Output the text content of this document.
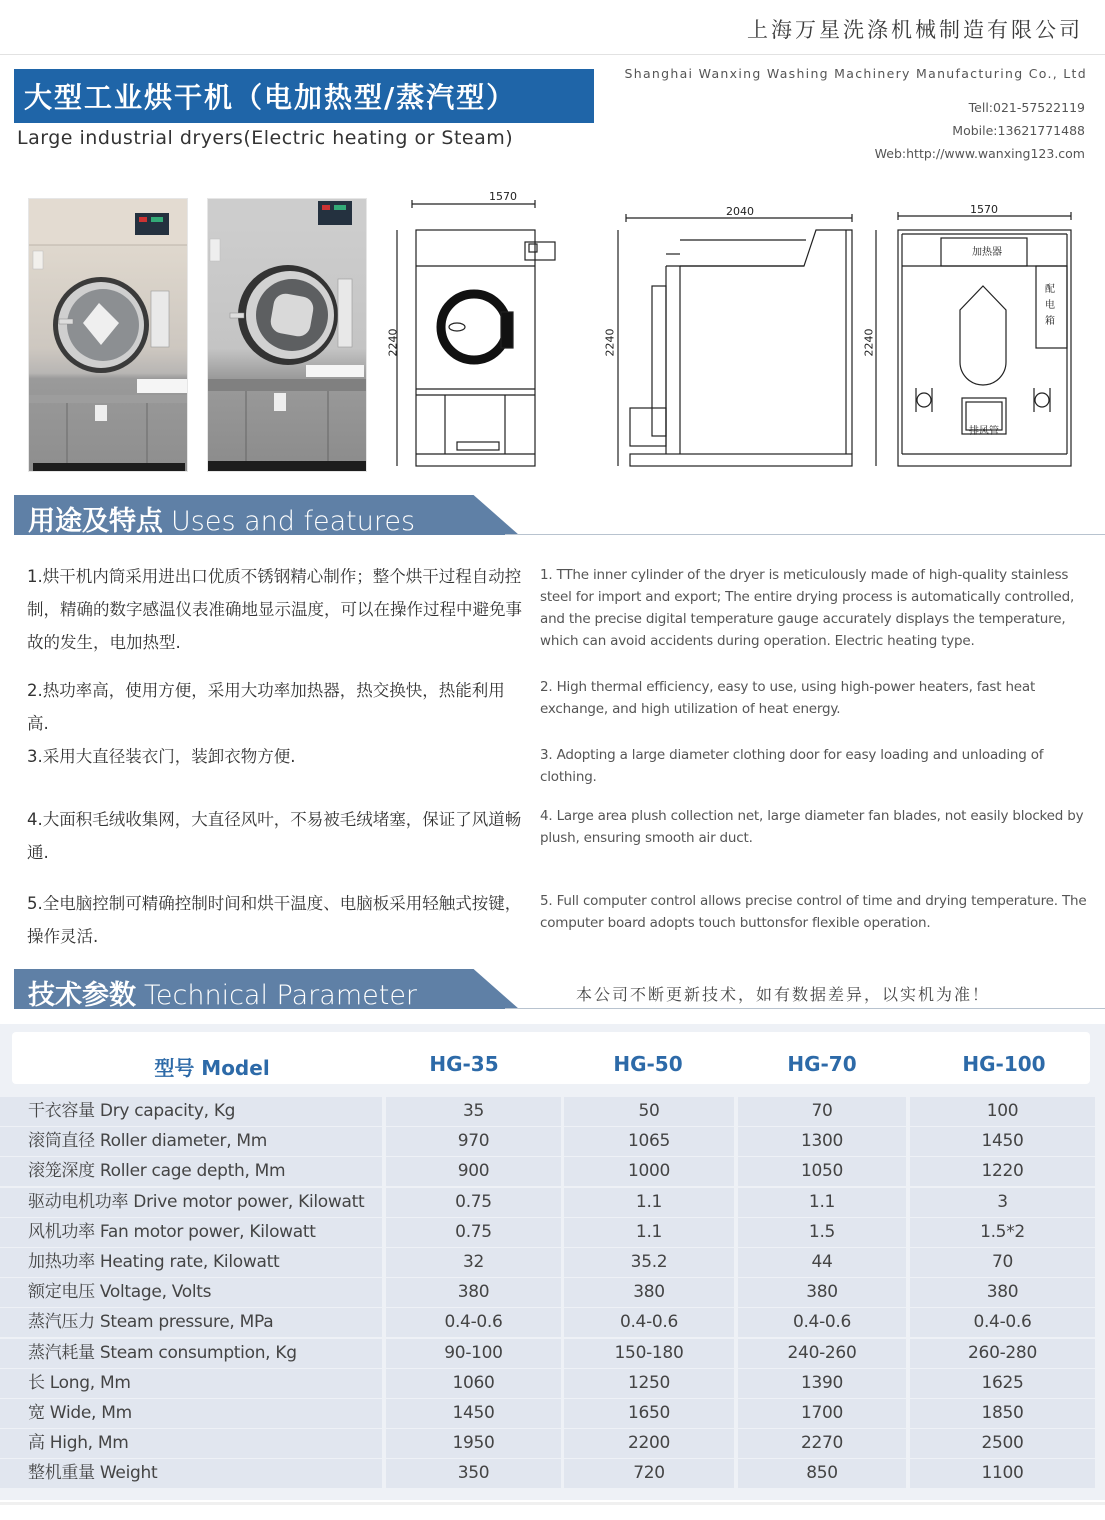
上海万星洗涤机械制造有限公司
大型工业烘干机（电加热型/蒸汽型）
Large industrial dryers(Electric heating or Steam)
Shanghai Wanxing Washing Machinery Manufacturing Co., Ltd
Tell:021-57522119
Mobile:13621771488
Web:http://www.wanxing123.com
1570
2240
2040
2240
1570
2240
加热器
配电箱
排风管
用途及特点 Uses and features
1.烘干机内筒采用进出口优质不锈钢精心制作；整个烘干过程自动控制，精确的数字感温仪表准确地显示温度，可以在操作过程中避免事故的发生，电加热型.
1. TThe inner cylinder of the dryer is meticulously made of high-quality stainless steel for import and export; The entire drying process is automatically controlled, and the precise digital temperature gauge accurately displays the temperature, which can avoid accidents during operation. Electric heating type.
2.热功率高，使用方便，采用大功率加热器，热交换快，热能利用高.
2. High thermal efficiency, easy to use, using high-power heaters, fast heat exchange, and high utilization of heat energy.
3.采用大直径装衣门，装卸衣物方便.	3. Adopting a large diameter clothing door for easy loading and unloading of clothing.
4.大面积毛绒收集网，大直径风叶，不易被毛绒堵塞，保证了风道畅通.
4. Large area plush collection net, large diameter fan blades, not easily blocked by plush, ensuring smooth air duct.
5.全电脑控制可精确控制时间和烘干温度、电脑板采用轻触式按键，操作灵活.
5. Full computer control allows precise control of time and drying temperature. The computer board adopts touch buttonsfor flexible operation.
技术参数 Technical Parameter	本公司不断更新技术，如有数据差异，以实机为准！
型号 Model	HG-35	HG-50	HG-70	HG-100
干衣容量 Dry capacity, Kg	35	50	70	100
滚筒直径 Roller diameter, Mm	970	1065	1300	1450
滚笼深度 Roller cage depth, Mm	900	1000	1050	1220
驱动电机功率 Drive motor power, Kilowatt	0.75	1.1	1.1	3
风机功率 Fan motor power, Kilowatt	0.75	1.1	1.5	1.5*2
加热功率 Heating rate, Kilowatt	32	35.2	44	70
额定电压 Voltage, Volts	380	380	380	380
蒸汽压力 Steam pressure, MPa	0.4-0.6	0.4-0.6	0.4-0.6	0.4-0.6
蒸汽耗量 Steam consumption, Kg	90-100	150-180	240-260	260-280
长 Long, Mm	1060	1250	1390	1625
宽 Wide, Mm	1450	1650	1700	1850
高 High, Mm	1950	2200	2270	2500
整机重量 Weight	350	720	850	1100
